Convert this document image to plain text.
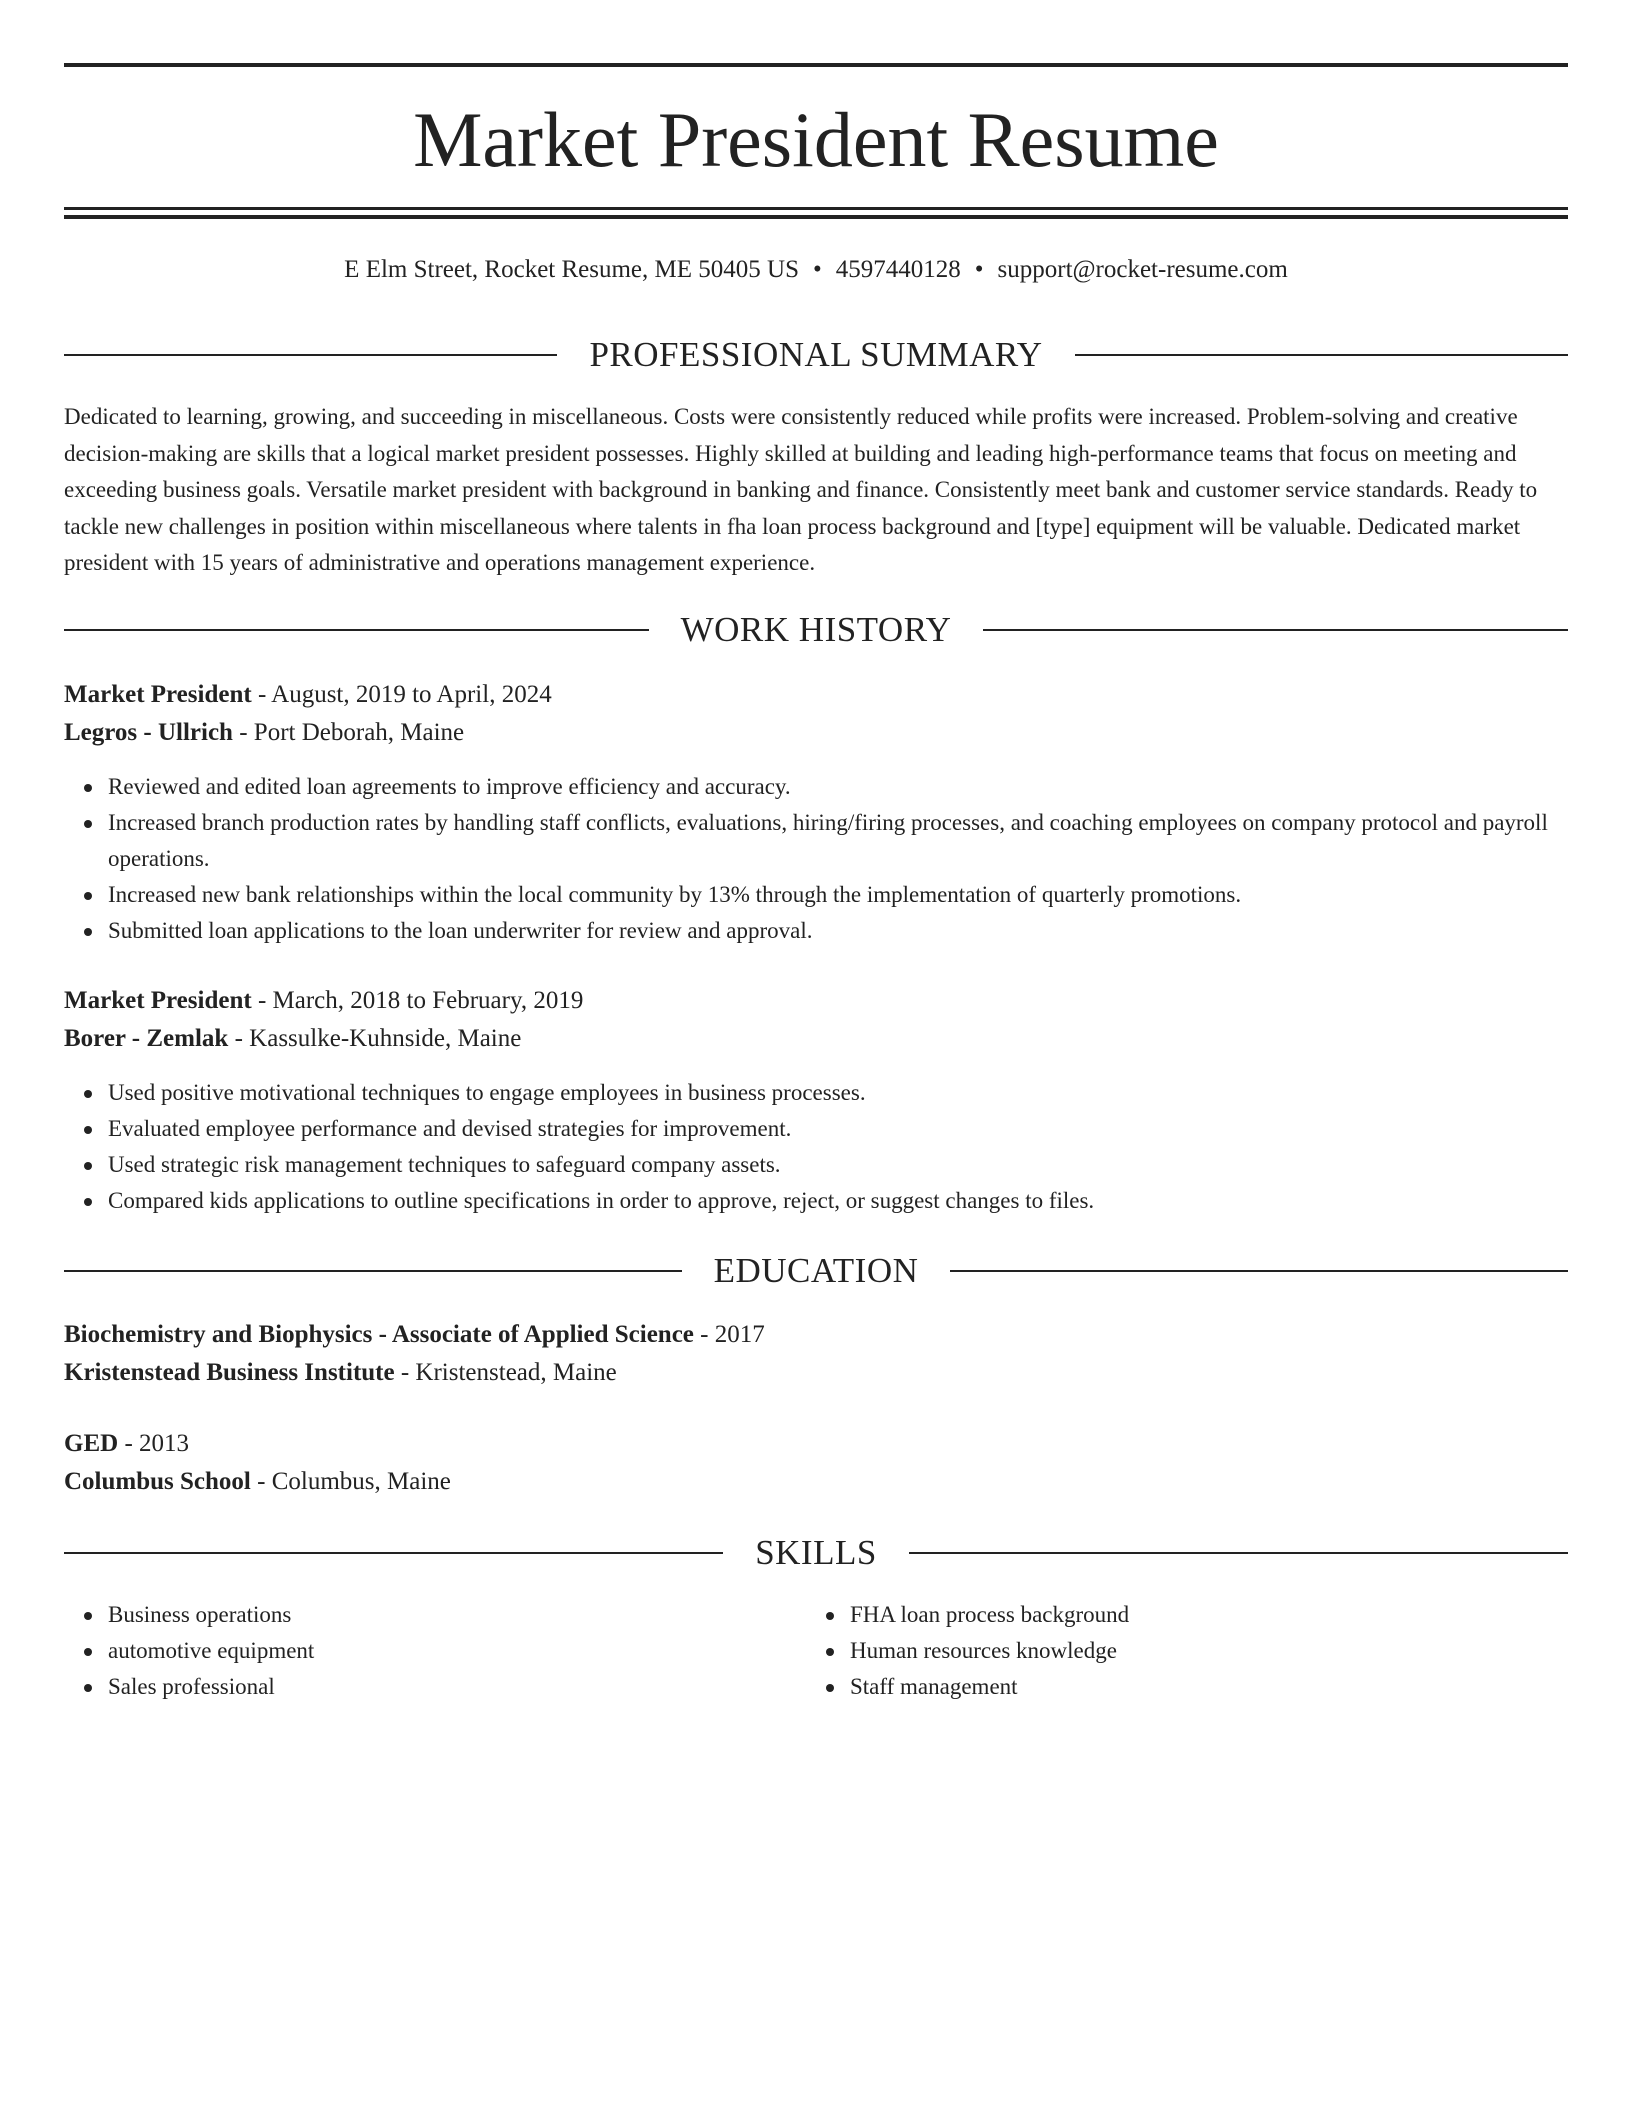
Market President Resume
E Elm Street, Rocket Resume, ME 50405 US • 4597440128 • support@rocket-resume.com
PROFESSIONAL SUMMARY

Dedicated to learning, growing, and succeeding in miscellaneous. Costs were consistently reduced while profits were increased. Problem-solving and creative decision-making are skills that a logical market president possesses. Highly skilled at building and leading high-performance teams that focus on meeting and exceeding business goals. Versatile market president with background in banking and finance. Consistently meet bank and customer service standards. Ready to tackle new challenges in position within miscellaneous where talents in fha loan process background and [type] equipment will be valuable. Dedicated market president with 15 years of administrative and operations management experience.

WORK HISTORY
Market President - August, 2019 to April, 2024
Legros - Ullrich - Port Deborah, Maine
Reviewed and edited loan agreements to improve efficiency and accuracy.
Increased branch production rates by handling staff conflicts, evaluations, hiring/firing processes, and coaching employees on company protocol and payroll operations.
Increased new bank relationships within the local community by 13% through the implementation of quarterly promotions.
Submitted loan applications to the loan underwriter for review and approval.
Market President - March, 2018 to February, 2019
Borer - Zemlak - Kassulke-Kuhnside, Maine
Used positive motivational techniques to engage employees in business processes.
Evaluated employee performance and devised strategies for improvement.
Used strategic risk management techniques to safeguard company assets.
Compared kids applications to outline specifications in order to approve, reject, or suggest changes to files.
EDUCATION
Biochemistry and Biophysics - Associate of Applied Science - 2017
Kristenstead Business Institute - Kristenstead, Maine
GED - 2013
Columbus School - Columbus, Maine
SKILLS
Business operations
automotive equipment
Sales professional
FHA loan process background
Human resources knowledge
Staff management
